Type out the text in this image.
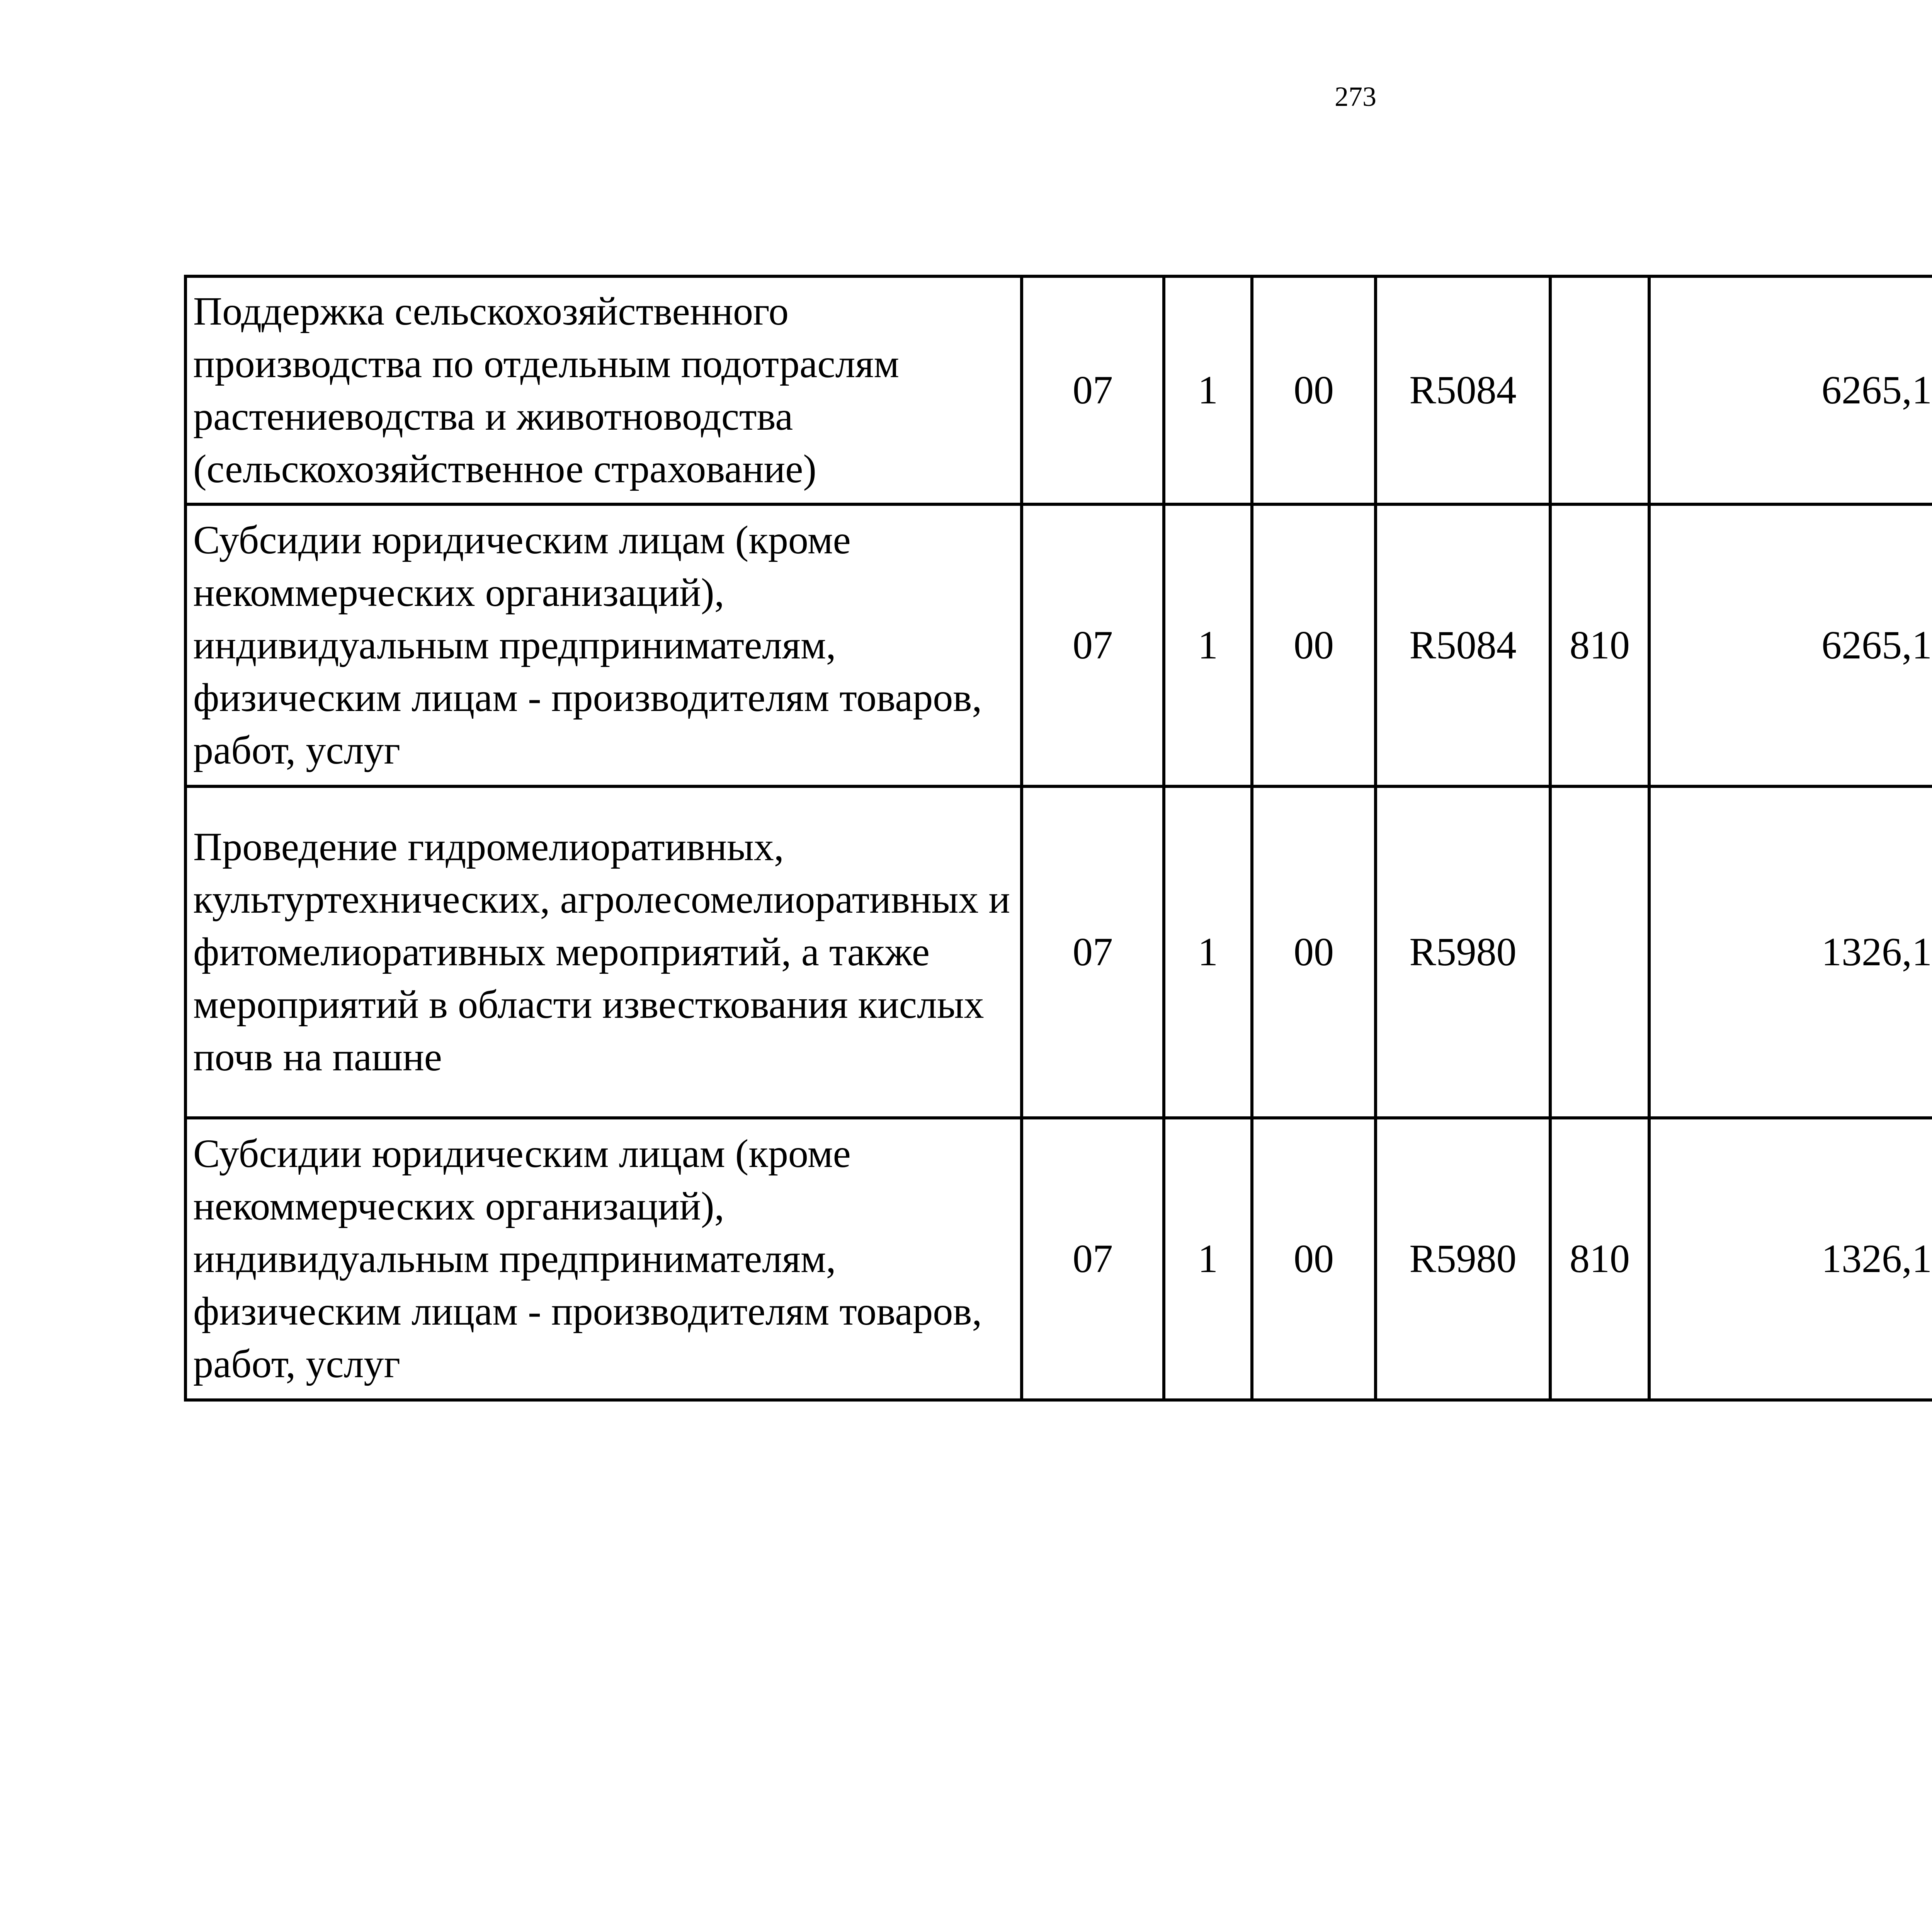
273
Поддержка сельскохозяйственного производства по отдельным подотраслям растениеводства и животноводства (сельскохозяйственное страхование)	07	1	00	R5084		6265,1		
Субсидии юридическим лицам (кроме некоммерческих организаций), индивидуальным предпринимателям, физическим лицам - производителям товаров, работ, услуг	07	1	00	R5084	810	6265,1		
Проведение гидромелиоративных, культуртехнических, агролесомелиоративных и фитомелиоративных мероприятий, а также мероприятий в области известкования кислых почв на пашне	07	1	00	R5980		1326,1		
Субсидии юридическим лицам (кроме некоммерческих организаций), индивидуальным предпринимателям, физическим лицам - производителям товаров, работ, услуг	07	1	00	R5980	810	1326,1		
